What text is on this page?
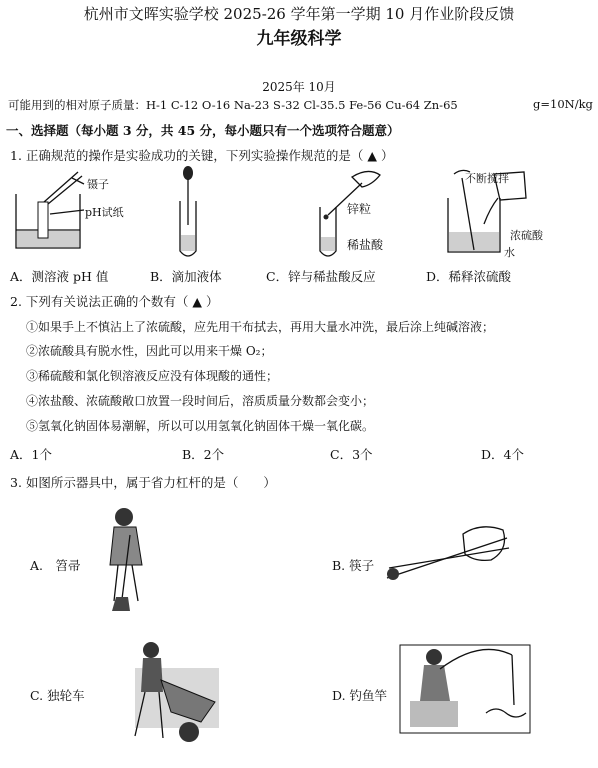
杭州市文晖实验学校 2025-26 学年第一学期 10 月作业阶段反馈
九年级科学
2025年 10月
可能用到的相对原子质量：H-1 C-12 O-16 Na-23 S-32 Cl-35.5 Fe-56 Cu-64 Zn-65	g=10N/kg
一、选择题（每小题 3 分，共 45 分，每小题只有一个选项符合题意）
1. 正确规范的操作是实验成功的关键，下列实验操作规范的是（ ▲ ）
镊子
pH试纸	锌粒
稀盐酸
不断搅拌
浓硫酸
水
A．测溶液 pH 值	B．滴加液体	C．锌与稀盐酸反应	D．稀释浓硫酸
2. 下列有关说法正确的个数有（ ▲ ）
①如果手上不慎沾上了浓硫酸，应先用干布拭去，再用大量水冲洗，最后涂上纯碱溶液；
②浓硫酸具有脱水性，因此可以用来干燥 O₂；
③稀硫酸和氯化钡溶液反应没有体现酸的通性；
④浓盐酸、浓硫酸敞口放置一段时间后，溶质质量分数都会变小；
⑤氢氧化钠固体易潮解，所以可以用氢氧化钠固体干燥一氧化碳。
A．1个	B．2个	C．3个	D．4个
3. 如图所示器具中，属于省力杠杆的是（　　）
A.　笤帚	B. 筷子
C. 独轮车	D. 钓鱼竿
